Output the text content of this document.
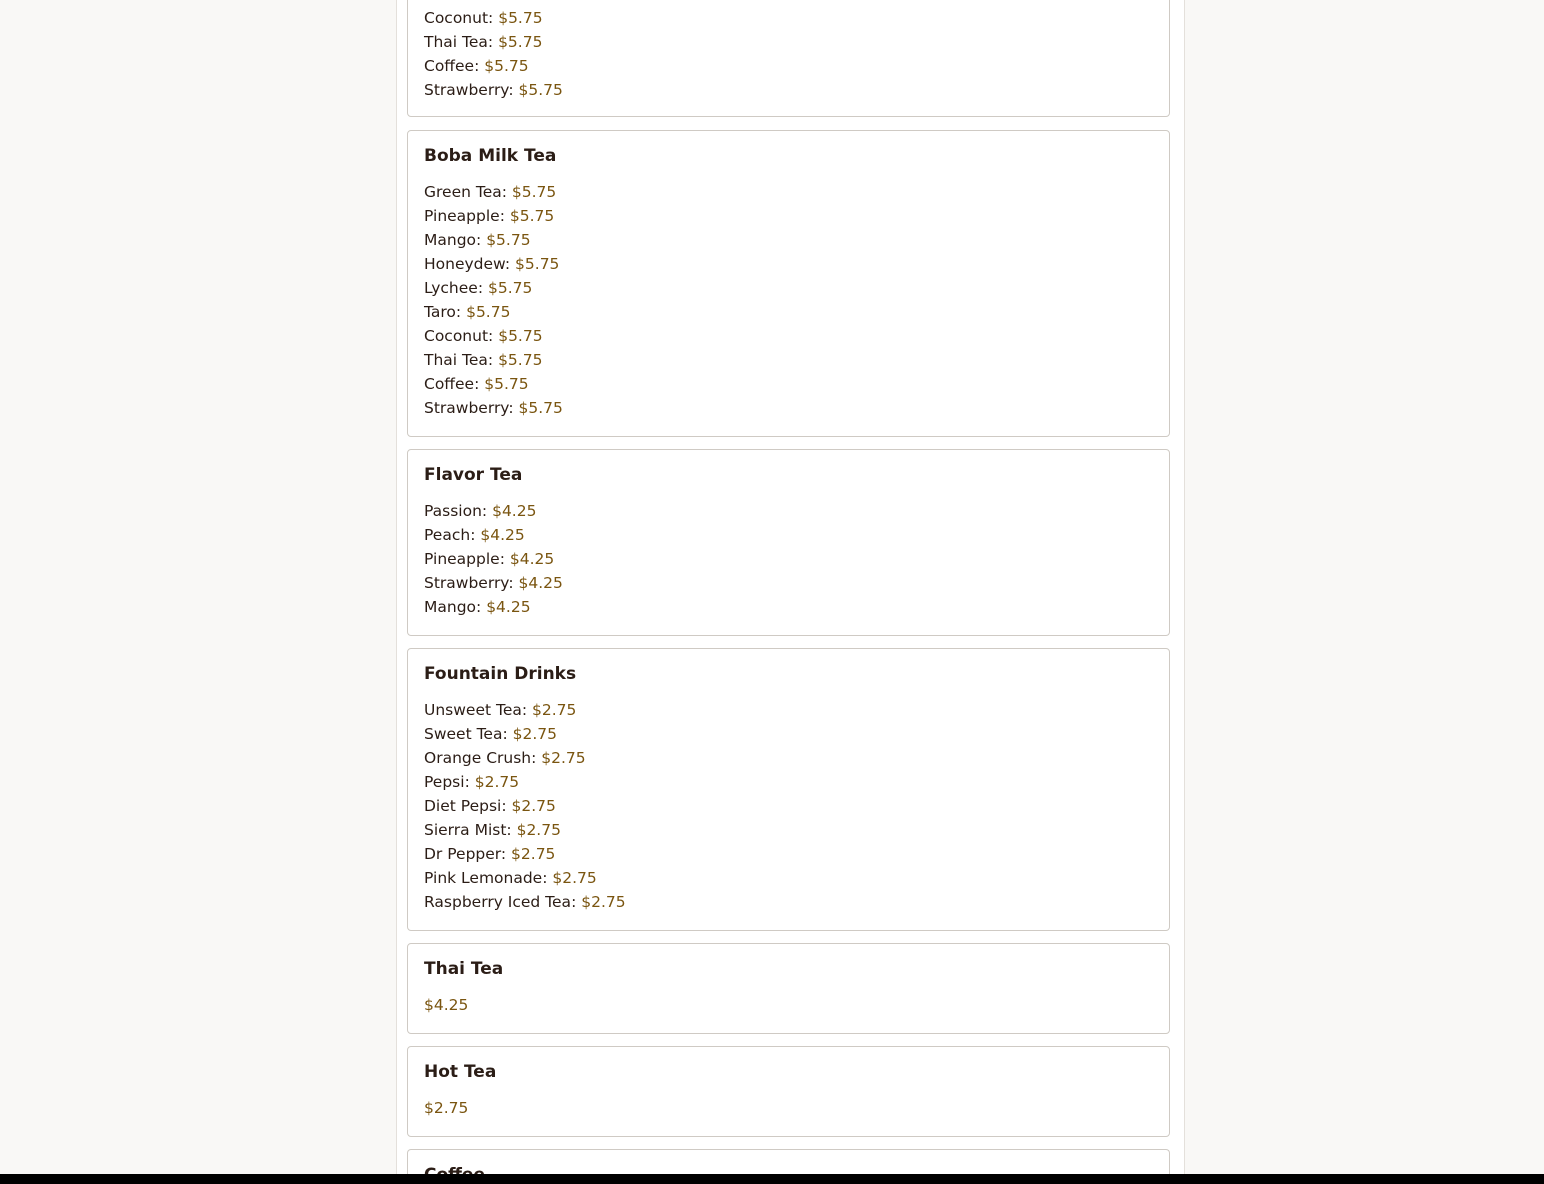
Coconut: $5.75
Thai Tea: $5.75
Coffee: $5.75
Strawberry: $5.75
Boba Milk Tea
Green Tea: $5.75
Pineapple: $5.75
Mango: $5.75
Honeydew: $5.75
Lychee: $5.75
Taro: $5.75
Coconut: $5.75
Thai Tea: $5.75
Coffee: $5.75
Strawberry: $5.75
Flavor Tea
Passion: $4.25
Peach: $4.25
Pineapple: $4.25
Strawberry: $4.25
Mango: $4.25
Fountain Drinks
Unsweet Tea: $2.75
Sweet Tea: $2.75
Orange Crush: $2.75
Pepsi: $2.75
Diet Pepsi: $2.75
Sierra Mist: $2.75
Dr Pepper: $2.75
Pink Lemonade: $2.75
Raspberry Iced Tea: $2.75
Thai Tea
$4.25
Hot Tea
$2.75
